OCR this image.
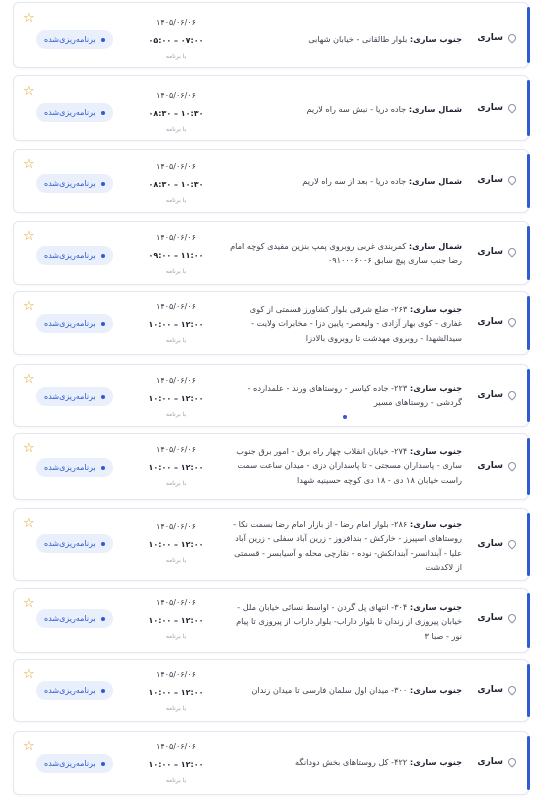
☆
برنامه‌ریزی‌شده
۱۴۰۵/۰۶/۰۶
۰۵:۰۰ – ۰۷:۰۰
با برنامه
جنوب ساری: بلوار طالقانی - خیابان شهابی	ساری
☆
برنامه‌ریزی‌شده
۱۴۰۵/۰۶/۰۶
۰۸:۳۰ – ۱۰:۳۰
با برنامه
شمال ساری: جاده دریا - نبش سه راه لاریم	ساری
☆
برنامه‌ریزی‌شده
۱۴۰۵/۰۶/۰۶
۰۸:۳۰ – ۱۰:۳۰
با برنامه
شمال ساری: جاده دریا - بعد از سه راه لاریم	ساری
☆
برنامه‌ریزی‌شده
۱۴۰۵/۰۶/۰۶
۰۹:۰۰ – ۱۱:۰۰
با برنامه
شمال ساری: کمربندی غربی روبروی پمپ بنزین مفیدی کوچه امام رضا جنب ساری پیچ سابق ۰۹۱۰۰۰۶۰۰۶
ساری
☆
برنامه‌ریزی‌شده
۱۴۰۵/۰۶/۰۶
۱۰:۰۰ – ۱۲:۰۰
با برنامه
جنوب ساری: ۲۶۳- ضلع شرقی بلوار کشاورز قسمتی از کوی غفاری - کوی بهار آزادی - ولیعصر- پایین دزا - مخابرات ولایت - سیدالشهدا - روبروی مهدشت تا روبروی بالادزا
ساری
☆
برنامه‌ریزی‌شده
۱۴۰۵/۰۶/۰۶
۱۰:۰۰ – ۱۲:۰۰
با برنامه
جنوب ساری: ۲۲۳- جاده کیاسر - روستاهای ورند - علمدارده - گردشی - روستاهای مسیر
ساری
☆
برنامه‌ریزی‌شده
۱۴۰۵/۰۶/۰۶
۱۰:۰۰ – ۱۲:۰۰
با برنامه
جنوب ساری: ۲۷۴- خیابان انقلاب چهار راه برق - امور برق جنوب ساری - پاسداران مسجتی - تا پاسداران دزی - میدان ساعت سمت راست خیابان ۱۸ دی - ۱۸ دی کوچه حسینیه شهدا
ساری
☆
برنامه‌ریزی‌شده
۱۴۰۵/۰۶/۰۶
۱۰:۰۰ – ۱۲:۰۰
با برنامه
جنوب ساری: ۲۸۶- بلوار امام رضا - از بازار امام رضا بسمت نکا - روستاهای اسپیرز - خارکش - بندافروز - زرین آباد سفلی - زرین آباد علیا - آبندانسر- آبندانکش- نوده - نقارچی محله و آسیابسر - قسمتی از لاکدشت
ساری
☆
برنامه‌ریزی‌شده
۱۴۰۵/۰۶/۰۶
۱۰:۰۰ – ۱۲:۰۰
با برنامه
جنوب ساری: ۳۰۴- انتهای پل گردن - اواسط نسائی خیابان ملل - خیابان پیروزی از زندان تا بلوار داراب- بلوار داراب از پیروزی تا پیام نور - صبا ۳
ساری
☆
برنامه‌ریزی‌شده
۱۴۰۵/۰۶/۰۶
۱۰:۰۰ – ۱۲:۰۰
با برنامه
جنوب ساری: ۳۰۰- میدان اول سلمان فارسی تا میدان زندان	ساری
☆
برنامه‌ریزی‌شده
۱۴۰۵/۰۶/۰۶
۱۰:۰۰ – ۱۲:۰۰
با برنامه
جنوب ساری: ۴۲۲- کل روستاهای بخش دودانگه	ساری
